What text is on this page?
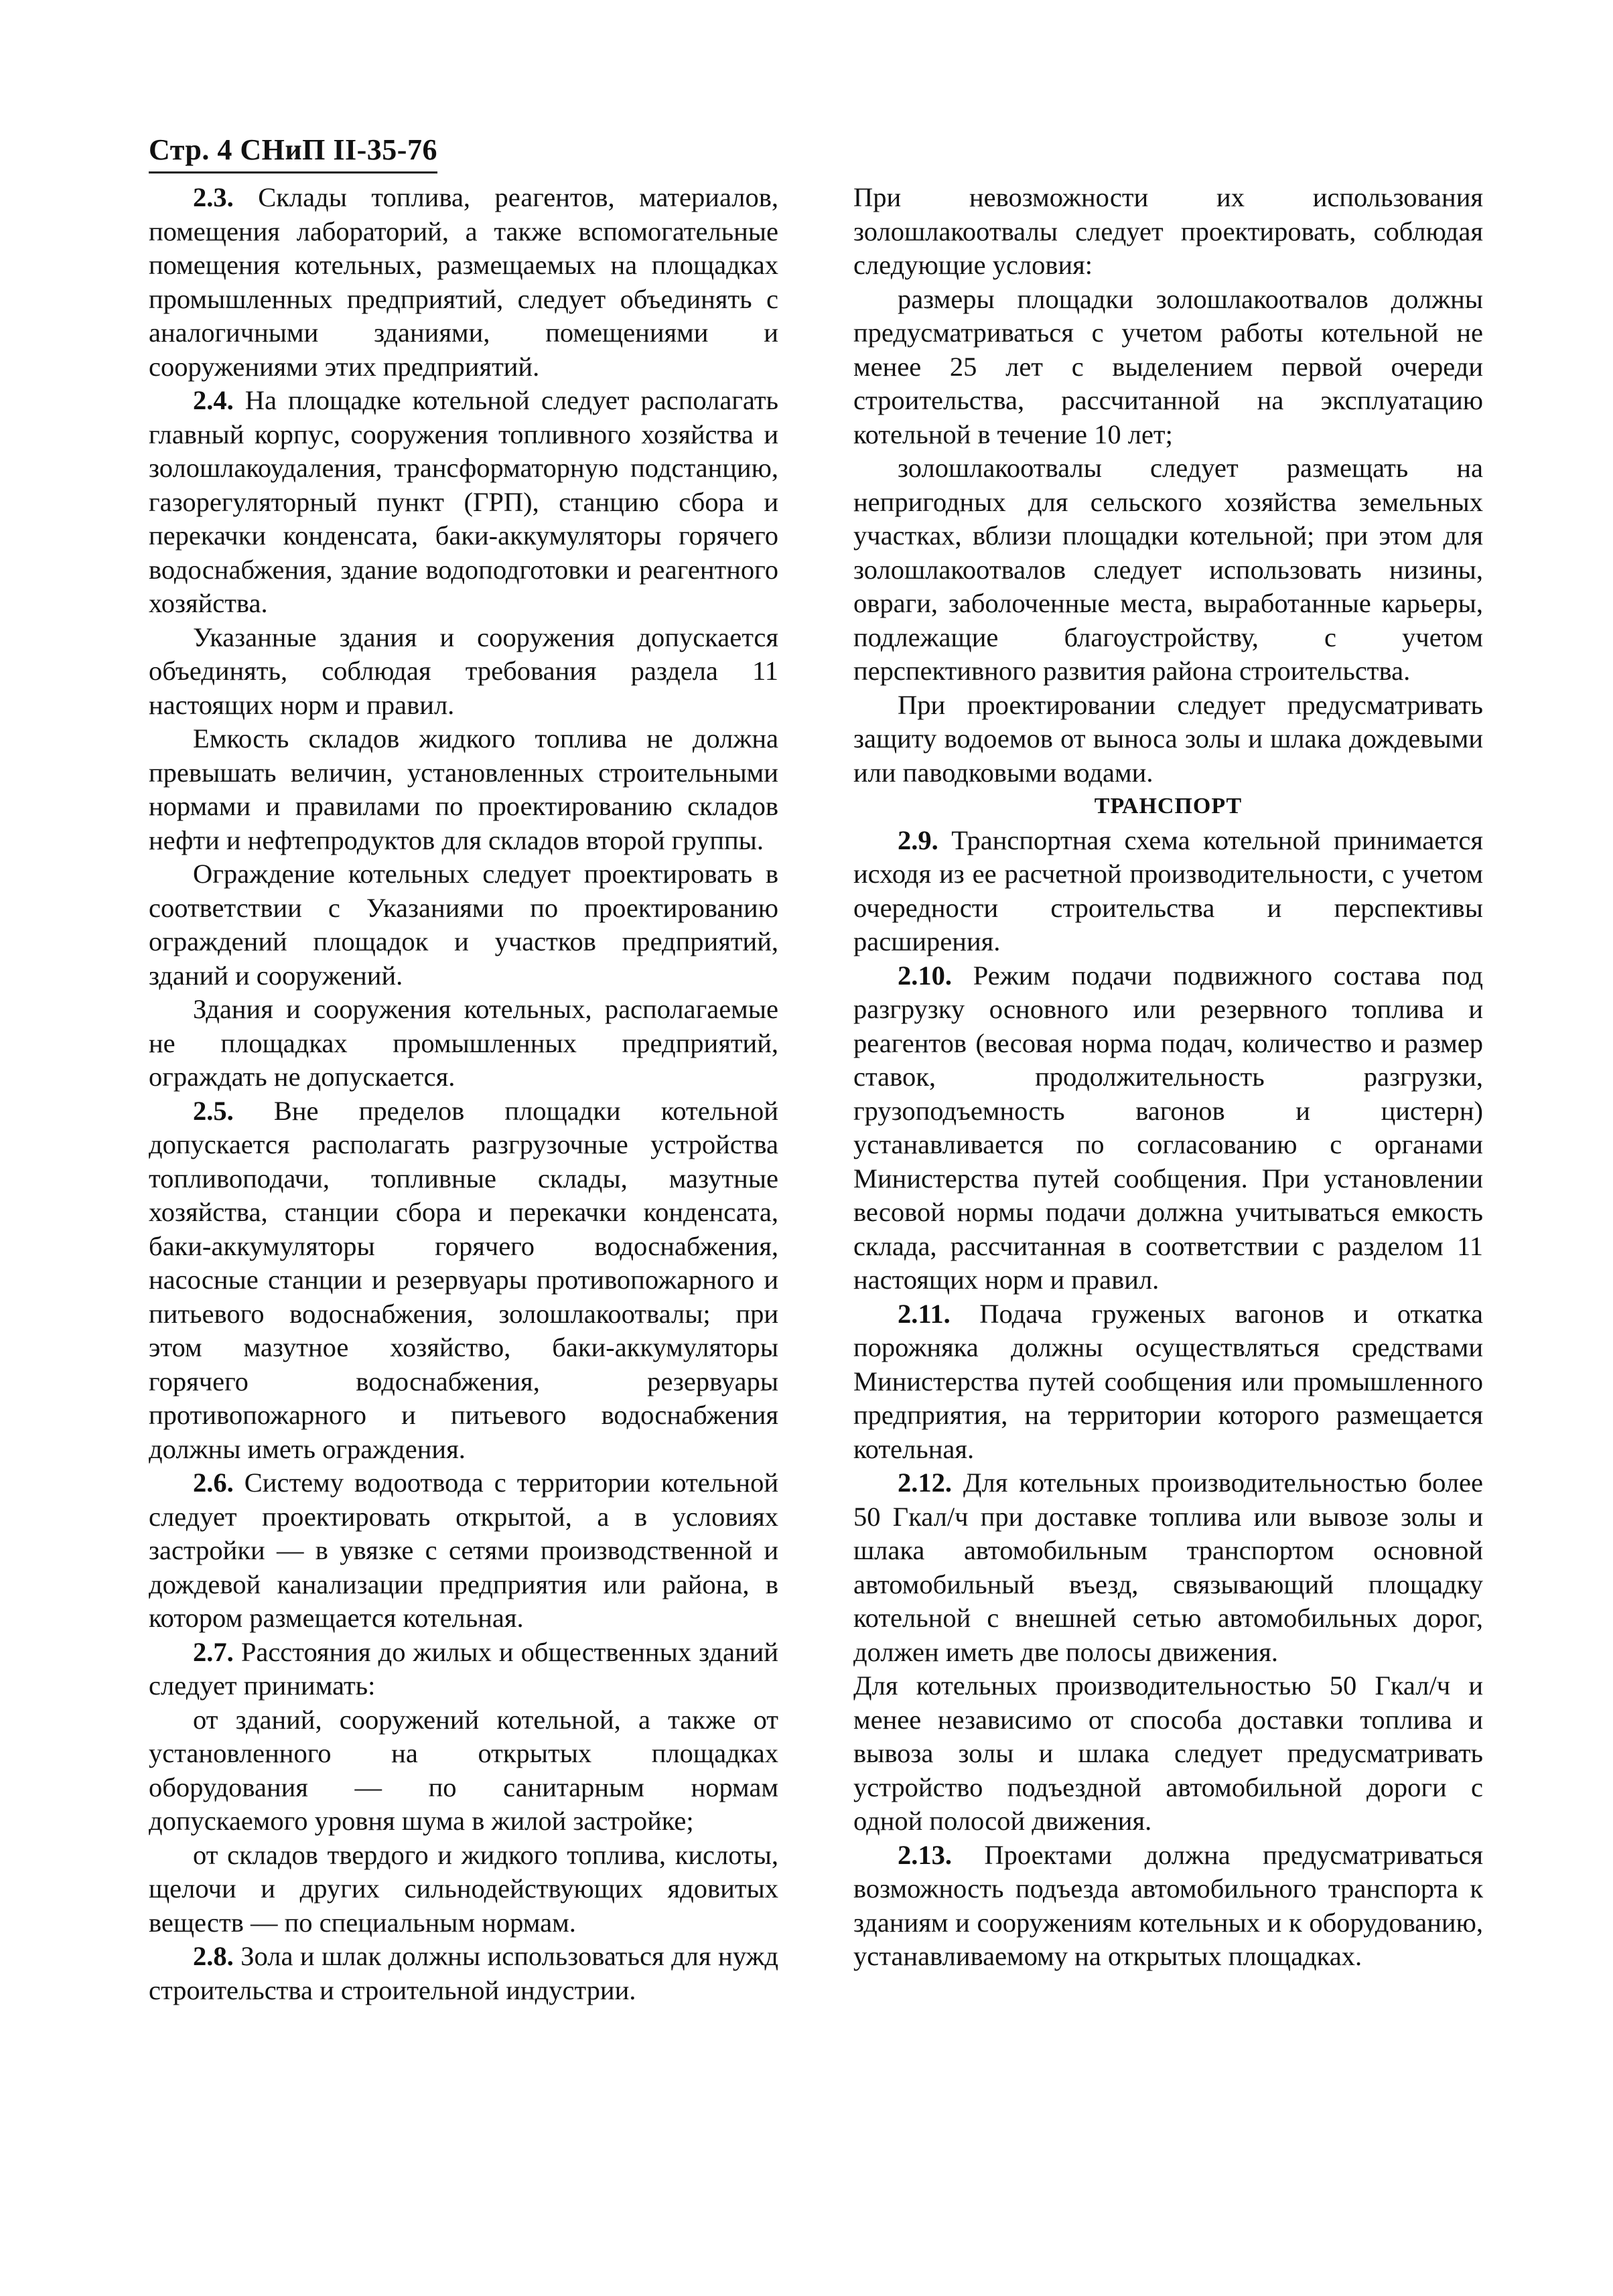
Стр. 4 СНиП II-35-76

2.3. Склады топлива, реагентов, материалов, помещения лабораторий, а также вспомогательные помещения котельных, размещаемых на площадках промышленных предприятий, следует объединять с аналогичными зданиями, помещениями и сооружениями этих предприятий.

2.4. На площадке котельной следует располагать главный корпус, сооружения топливного хозяйства и золошлакоудаления, трансформаторную подстанцию, газорегуляторный пункт (ГРП), станцию сбора и перекачки конденсата, баки-аккумуляторы горячего водоснабжения, здание водоподготовки и реагентного хозяйства.

Указанные здания и сооружения допускается объединять, соблюдая требования раздела 11 настоящих норм и правил.

Емкость складов жидкого топлива не должна превышать величин, установленных строительными нормами и правилами по проектированию складов нефти и нефтепродуктов для складов второй группы.

Ограждение котельных следует проектировать в соответствии с Указаниями по проектированию ограждений площадок и участков предприятий, зданий и сооружений.

Здания и сооружения котельных, располагаемые не площадках промышленных предприятий, ограждать не допускается.

2.5. Вне пределов площадки котельной допускается располагать разгрузочные устройства топливоподачи, топливные склады, мазутные хозяйства, станции сбора и перекачки конденсата, баки-аккумуляторы горячего водоснабжения, насосные станции и резервуары противопожарного и питьевого водоснабжения, золошлакоотвалы; при этом мазутное хозяйство, баки-аккумуляторы горячего водоснабжения, резервуары противопожарного и питьевого водоснабжения должны иметь ограждения.

2.6. Систему водоотвода с территории котельной следует проектировать открытой, а в условиях застройки — в увязке с сетями производственной и дождевой канализации предприятия или района, в котором размещается котельная.

2.7. Расстояния до жилых и общественных зданий следует принимать:

от зданий, сооружений котельной, а также от установленного на открытых площадках оборудования — по санитарным нормам допускаемого уровня шума в жилой застройке;

от складов твердого и жидкого топлива, кислоты, щелочи и других сильнодействующих ядовитых веществ — по специальным нормам.

2.8. Зола и шлак должны использоваться для нужд строительства и строительной индустрии.

При невозможности их использования золошлакоотвалы следует проектировать, соблюдая следующие условия:

размеры площадки золошлакоотвалов должны предусматриваться с учетом работы котельной не менее 25 лет с выделением первой очереди строительства, рассчитанной на эксплуатацию котельной в течение 10 лет;

золошлакоотвалы следует размещать на непригодных для сельского хозяйства земельных участках, вблизи площадки котельной; при этом для золошлакоотвалов следует использовать низины, овраги, заболоченные места, выработанные карьеры, подлежащие благоустройству, с учетом перспективного развития района строительства.

При проектировании следует предусматривать защиту водоемов от выноса золы и шлака дождевыми или паводковыми водами.

ТРАНСПОРТ

2.9. Транспортная схема котельной принимается исходя из ее расчетной производительности, с учетом очередности строительства и перспективы расширения.

2.10. Режим подачи подвижного состава под разгрузку основного или резервного топлива и реагентов (весовая норма подач, количество и размер ставок, продолжительность разгрузки, грузоподъемность вагонов и цистерн) устанавливается по согласованию с органами Министерства путей сообщения. При установлении весовой нормы подачи должна учитываться емкость склада, рассчитанная в соответствии с разделом 11 настоящих норм и правил.

2.11. Подача груженых вагонов и откатка порожняка должны осуществляться средствами Министерства путей сообщения или промышленного предприятия, на территории которого размещается котельная.

2.12. Для котельных производительностью более 50 Гкал/ч при доставке топлива или вывозе золы и шлака автомобильным транспортом основной автомобильный въезд, связывающий площадку котельной с внешней сетью автомобильных дорог, должен иметь две полосы движения.

Для котельных производительностью 50 Гкал/ч и менее независимо от способа доставки топлива и вывоза золы и шлака следует предусматривать устройство подъездной автомобильной дороги с одной полосой движения.

2.13. Проектами должна предусматриваться возможность подъезда автомобильного транспорта к зданиям и сооружениям котельных и к оборудованию, устанавливаемому на открытых площадках.
